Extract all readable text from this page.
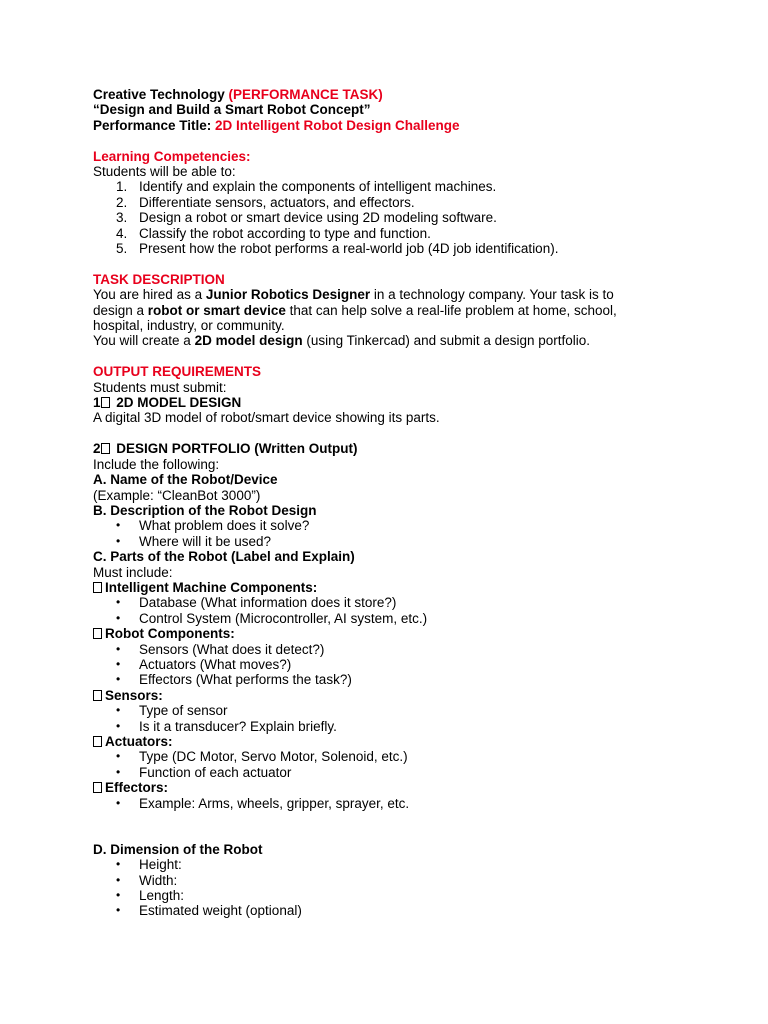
Creative Technology (PERFORMANCE TASK)
“Design and Build a Smart Robot Concept”
Performance Title: 2D Intelligent Robot Design Challenge
Learning Competencies:
Students will be able to:
1. Identify and explain the components of intelligent machines.
2. Differentiate sensors, actuators, and effectors.
3. Design a robot or smart device using 2D modeling software.
4. Classify the robot according to type and function.
5. Present how the robot performs a real-world job (4D job identification).
TASK DESCRIPTION
You are hired as a Junior Robotics Designer in a technology company. Your task is to design a robot or smart device that can help solve a real-life problem at home, school, hospital, industry, or community.
You will create a 2D model design (using Tinkercad) and submit a design portfolio.
OUTPUT REQUIREMENTS
Students must submit:
1 2D MODEL DESIGN
A digital 3D model of robot/smart device showing its parts.
2 DESIGN PORTFOLIO (Written Output)
Include the following:
A. Name of the Robot/Device
(Example: “CleanBot 3000”)
B. Description of the Robot Design
• What problem does it solve?
• Where will it be used?
C. Parts of the Robot (Label and Explain)
Must include:
Intelligent Machine Components:
• Database (What information does it store?)
• Control System (Microcontroller, AI system, etc.)
Robot Components:
• Sensors (What does it detect?)
• Actuators (What moves?)
• Effectors (What performs the task?)
Sensors:
• Type of sensor
• Is it a transducer? Explain briefly.
Actuators:
• Type (DC Motor, Servo Motor, Solenoid, etc.)
• Function of each actuator
Effectors:
• Example: Arms, wheels, gripper, sprayer, etc.
D. Dimension of the Robot
• Height:
• Width:
• Length:
• Estimated weight (optional)
